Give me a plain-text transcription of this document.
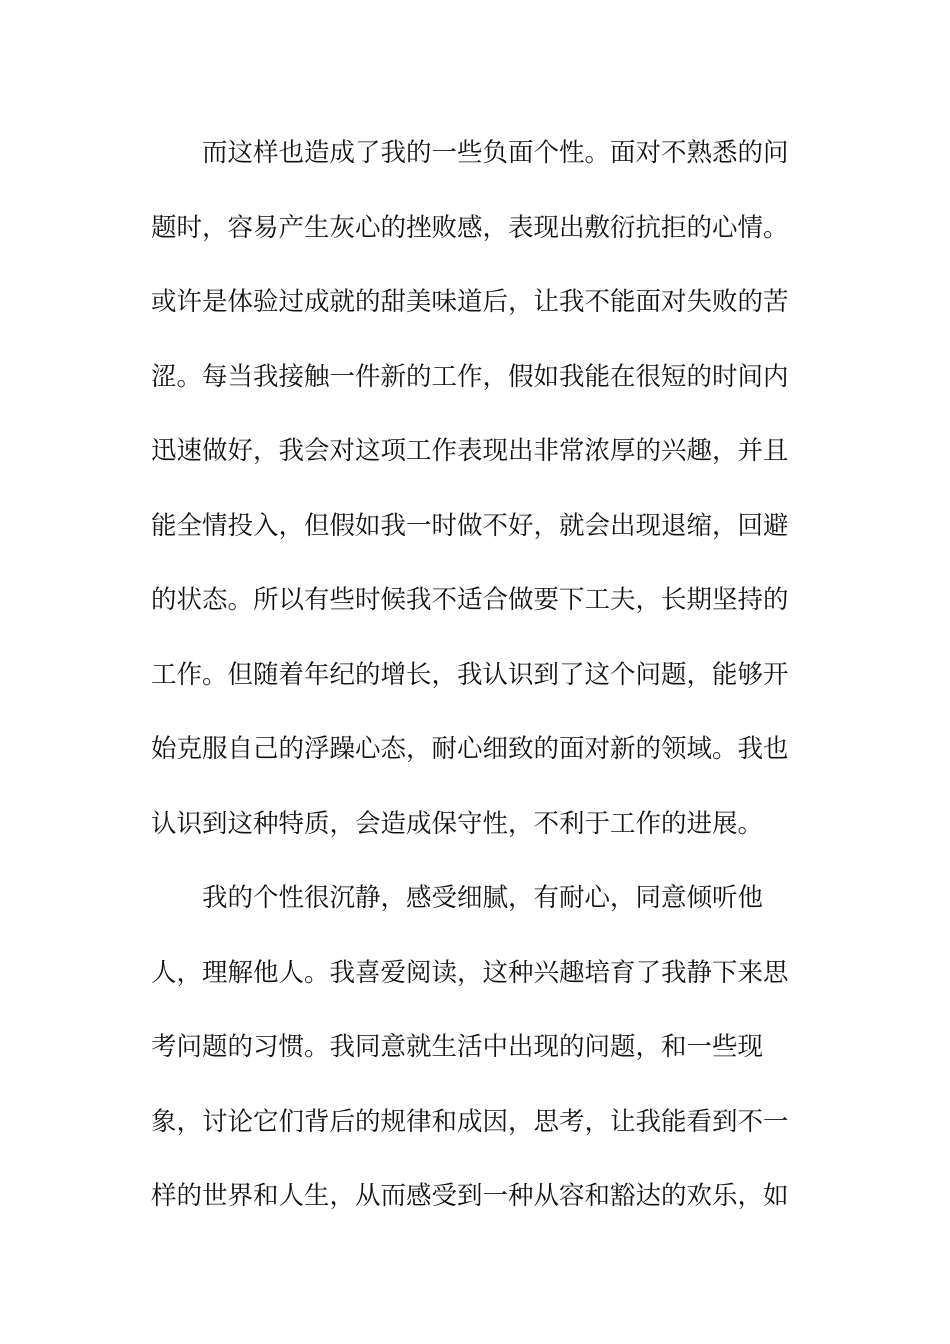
而这样也造成了我的一些负面个性。面对不熟悉的问
题时，容易产生灰心的挫败感，表现出敷衍抗拒的心情。
或许是体验过成就的甜美味道后，让我不能面对失败的苦
涩。每当我接触一件新的工作，假如我能在很短的时间内
迅速做好，我会对这项工作表现出非常浓厚的兴趣，并且
能全情投入，但假如我一时做不好，就会出现退缩，回避
的状态。所以有些时候我不适合做要下工夫，长期坚持的
工作。但随着年纪的增长，我认识到了这个问题，能够开
始克服自己的浮躁心态，耐心细致的面对新的领域。我也
认识到这种特质，会造成保守性，不利于工作的进展。
我的个性很沉静，感受细腻，有耐心，同意倾听他
人，理解他人。我喜爱阅读，这种兴趣培育了我静下来思
考问题的习惯。我同意就生活中出现的问题，和一些现
象，讨论它们背后的规律和成因，思考，让我能看到不一
样的世界和人生，从而感受到一种从容和豁达的欢乐，如
